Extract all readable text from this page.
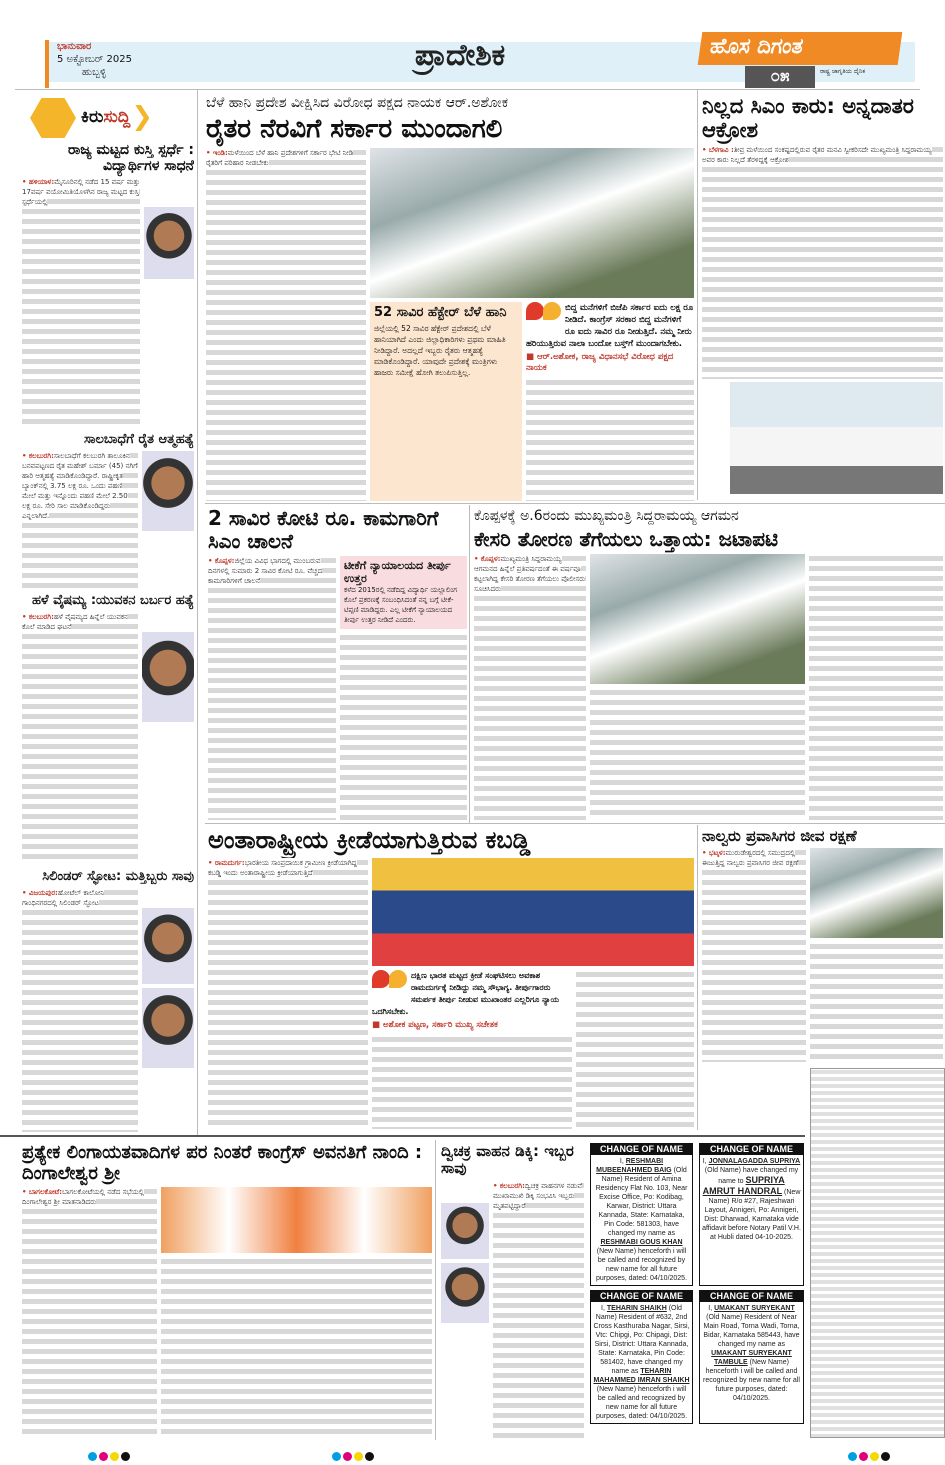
ಭಾನುವಾರ
5 ಅಕ್ಟೋಬರ್ 2025
ಹುಬ್ಬಳ್ಳಿ	ಪ್ರಾದೇಶಿಕ	ಹೊಸ ದಿಗಂತ
೦೫	ರಾಷ್ಟ್ರ ಜಾಗೃತಿಯ ದೈನಿಕ
ಕಿರುಸುದ್ದಿ
ರಾಜ್ಯ ಮಟ್ಟದ ಕುಸ್ತಿ ಸ್ಪರ್ಧೆ : ವಿದ್ಯಾರ್ಥಿಗಳ ಸಾಧನೆ
• ಹಳಿಯಾಳ:ಮೈಸೂರಿನಲ್ಲಿ ನಡೆದ 15 ವರ್ಷ ಮತ್ತು 17ವರ್ಷ ವಯೋಮಿತಿಯೊಳಗಿನ ರಾಜ್ಯ ಮಟ್ಟದ ಕುಸ್ತಿ ಸ್ಪರ್ಧೆಯಲ್ಲಿ
ಸಾಲಬಾಧೆಗೆ ರೈತ ಆತ್ಮಹತ್ಯೆ
• ಕಲಬುರಗಿ:ಸಾಲಬಾಧೆಗೆ ಕಲಬುರಗಿ ತಾಲೂಕಿನ ಬನವಪಟ್ಟಣದ ರೈತ ಮಹೇಶ್ ಬರ್ಮಾ (45) ನಗಿಗೆ ಹಾರಿ ಆತ್ಮಹತ್ಯೆ ಮಾಡಿಕೊಂಡಿದ್ದಾರೆ. ರಾಷ್ಟ್ರೀಕೃತ ಬ್ಯಾಂಕ್‌ನಲ್ಲಿ 3.75 ಲಕ್ಷ ರೂ. ಒಂದು ಪಹಣಿ ಮೇಲೆ ಮತ್ತು ಇನ್ನೊಂದು ಪಹಣಿ ಮೇಲೆ 2.50 ಲಕ್ಷ ರೂ. ಸೇರಿ ಸಾಲ ಮಾಡಿಕೊಂಡಿದ್ದರು ಎನ್ನಲಾಗಿದೆ.
ಹಳೆ ವೈಷಮ್ಯ :ಯುವಕನ ಬರ್ಬರ ಹತ್ಯೆ
• ಕಲಬುರಗಿ:ಹಳೆ ವೈಷಮ್ಯದ ಹಿನ್ನೆಲೆ ಯುವಕನ ಕೊಲೆ ಮಾಡಿದ ಘಟನೆ
ಸಿಲಿಂಡರ್ ಸ್ಫೋಟ: ಮತ್ತಿಬ್ಬರು ಸಾವು
• ವಿಜಯಪುರ:ಹೋಟೆಲ್ ಕಾಲೋನಿ ಗಾಂಧಿನಗರದಲ್ಲಿ ಸಿಲಿಂಡರ್ ಸ್ಫೋಟ
ಬೆಳೆ ಹಾನಿ ಪ್ರದೇಶ ವೀಕ್ಷಿಸಿದ ವಿರೋಧ ಪಕ್ಷದ ನಾಯಕ ಆರ್.ಅಶೋಕ
ರೈತರ ನೆರವಿಗೆ ಸರ್ಕಾರ ಮುಂದಾಗಲಿ
• ಇಂಡಿ:ಮಳೆಯಿಂದ ಬೆಳೆ ಹಾನಿ ಪ್ರದೇಶಗಳಿಗೆ ಸರ್ಕಾರ ಭೇಟಿ ನೀಡಿ ರೈತರಿಗೆ ಪರಿಹಾರ ನೀಡಬೇಕು
52 ಸಾವಿರ ಹೆಕ್ಟೇರ್ ಬೆಳೆ ಹಾನಿ
ಜಿಲ್ಲೆಯಲ್ಲಿ 52 ಸಾವಿರ ಹೆಕ್ಟೇರ್ ಪ್ರದೇಶದಲ್ಲಿ ಬೆಳೆ ಹಾನಿಯಾಗಿದೆ ಎಂದು ಜಿಲ್ಲಾಧಿಕಾರಿಗಳು ಪ್ರಥಮ ಮಾಹಿತಿ ನೀಡಿದ್ದಾರೆ. ಅದಲ್ಲದೆ ಇಬ್ಬರು ರೈತರು ಆತ್ಮಹತ್ಯೆ ಮಾಡಿಕೊಂಡಿದ್ದಾರೆ. ಯಾವುದೇ ಪ್ರದೇಶಕ್ಕೆ ಮಂತ್ರಿಗಳು ಹಾಜರು ಸಮೀಕ್ಷೆ ಹೋಗಿ ತಲುಪಿಸುತ್ತಿಲ್ಲ.
ಬಿದ್ದ ಮನೆಗಳಿಗೆ ಬಿಜೆಪಿ ಸರ್ಕಾರ ಐದು ಲಕ್ಷ ರೂ ನೀಡಿದೆ. ಕಾಂಗ್ರೆಸ್ ಸರಕಾರ ಬಿದ್ದ ಮನೆಗಳಿಗೆ ರೂ ಐದು ಸಾವಿರ ರೂ ನೀಡುತ್ತಿದೆ. ನಮ್ಮ ನೀರು ಹರಿಯುತ್ತಿರುವ ನಾಲಾ ಬಂದೋ ಬಸ್ತ್‌ಗೆ ಮುಂದಾಗಬೇಕು.
■ ಆರ್.ಅಶೋಕ, ರಾಜ್ಯ ವಿಧಾನಸಭೆ ವಿರೋಧ ಪಕ್ಷದ ನಾಯಕ
ನಿಲ್ಲದ ಸಿಎಂ ಕಾರು: ಅನ್ನದಾತರ ಆಕ್ರೋಶ
• ಬೆಳಗಾವಿ :ತೀವ್ರ ಮಳೆಯಿಂದ ಸಂಕಷ್ಟದಲ್ಲಿರುವ ರೈತರ ಮನವಿ ಸ್ವೀಕರಿಸದೇ ಮುಖ್ಯಮಂತ್ರಿ ಸಿದ್ದರಾಮಯ್ಯ ಅವರ ಕಾರು ನಿಲ್ಲದೆ ತೆರಳಿದ್ದಕ್ಕೆ ಆಕ್ರೋಶ
2 ಸಾವಿರ ಕೋಟಿ ರೂ. ಕಾಮಗಾರಿಗೆ ಸಿಎಂ ಚಾಲನೆ
• ಕೊಪ್ಪಳ:ಜಿಲ್ಲೆಯ ವಿವಿಧ ಭಾಗದಲ್ಲಿ ಮುಂಬರುವ ದಿನಗಳಲ್ಲಿ ಸುಮಾರು 2 ಸಾವಿರ ಕೋಟಿ ರೂ. ವೆಚ್ಚದ ಕಾಮಗಾರಿಗಳಿಗೆ ಚಾಲನೆ
ಟೀಕೆಗೆ ನ್ಯಾಯಾಲಯದ ತೀರ್ಪು ಉತ್ತರ
ಕಳೆದ 2015ರಲ್ಲಿ ನಡೆದಿದ್ದ ವಿದ್ಯಾರ್ಥಿ ಯಲ್ಲಾಲಿಂಗ ಕೊಲೆ ಪ್ರಕರಣಕ್ಕೆ ಸಂಬಂಧಿಸಿದಂತೆ ನನ್ನ ಬಗ್ಗೆ ಟೀಕೆ-ಟಿಪ್ಪಣಿ ಮಾಡಿದ್ದರು. ಎಲ್ಲ ಟೀಕೆಗೆ ನ್ಯಾಯಾಲಯದ ತೀರ್ಪು ಉತ್ತರ ನೀಡಿದೆ ಎಂದರು.
ಕೊಪ್ಪಳಕ್ಕೆ ಅ.6ರಂದು ಮುಖ್ಯಮಂತ್ರಿ ಸಿದ್ದರಾಮಯ್ಯ ಆಗಮನ
ಕೇಸರಿ ತೋರಣ ತೆಗೆಯಲು ಒತ್ತಾಯ: ಜಟಾಪಟಿ
• ಕೊಪ್ಪಳ:ಮುಖ್ಯಮಂತ್ರಿ ಸಿದ್ದರಾಮಯ್ಯ ಆಗಮನದ ಹಿನ್ನೆಲೆ ಪ್ರತಿವರ್ಷದಂತೆ ಈ ವರ್ಷವೂ ಕಟ್ಟಲಾಗಿದ್ದ ಕೇಸರಿ ತೋರಣ ತೆಗೆಯಲು ಪೊಲೀಸರು ಸೂಚಿಸಿದರು
ಅಂತಾರಾಷ್ಟ್ರೀಯ ಕ್ರೀಡೆಯಾಗುತ್ತಿರುವ ಕಬಡ್ಡಿ
• ರಾಮದುರ್ಗ:ಭಾರತೀಯ ಸಾಂಪ್ರದಾಯಿಕ ಗ್ರಾಮೀಣ ಕ್ರೀಡೆಯಾಗಿದ್ದ ಕಬಡ್ಡಿ ಇಂದು ಅಂತಾರಾಷ್ಟ್ರೀಯ ಕ್ರೀಡೆಯಾಗುತ್ತಿದೆ
ದಕ್ಷಿಣ ಭಾರತ ಮಟ್ಟದ ಕ್ರೀಡೆ ಸಂಘಟಿಸಲು ಅವಕಾಶ ರಾಮದುರ್ಗಕ್ಕೆ ನೀಡಿದ್ದು ನಮ್ಮ ಸೌಭಾಗ್ಯ. ತೀರ್ಪುಗಾರರು ಸಮರ್ಪಕ ತೀರ್ಪು ನೀಡುವ ಮುಖಾಂತರ ಎಲ್ಲರಿಗೂ ನ್ಯಾಯ ಒದಗಿಸಬೇಕು.
■ ಅಶೋಕ ಪಟ್ಟಣ, ಸರ್ಕಾರಿ ಮುಖ್ಯ ಸಚೇತಕ
ನಾಲ್ವರು ಪ್ರವಾಸಿಗರ ಜೀವ ರಕ್ಷಣೆ
• ಭಟ್ಕಳ:ಮುರುಡೇಶ್ವರದಲ್ಲಿ ಸಮುದ್ರದಲ್ಲಿ ಈಜುತ್ತಿದ್ದ ನಾಲ್ವರು ಪ್ರವಾಸಿಗರ ಜೀವ ರಕ್ಷಣೆ
ಪ್ರತ್ಯೇಕ ಲಿಂಗಾಯತವಾದಿಗಳ ಪರ ನಿಂತರೆ ಕಾಂಗ್ರೆಸ್ ಅವನತಿಗೆ ನಾಂದಿ : ದಿಂಗಾಲೇಶ್ವರ ಶ್ರೀ
• ಬಾಗಲಕೋಟೆ:ಬಾಗಲಕೋಟೆಯಲ್ಲಿ ನಡೆದ ಸಭೆಯಲ್ಲಿ ದಿಂಗಾಲೇಶ್ವರ ಶ್ರೀ ಮಾತನಾಡಿದರು
ದ್ವಿಚಕ್ರ ವಾಹನ ಡಿಕ್ಕಿ: ಇಬ್ಬರ ಸಾವು
• ಕಲಬುರಗಿ:ದ್ವಿಚಕ್ರ ವಾಹನಗಳ ನಡುವೆ ಮುಖಾಮುಖಿ ಡಿಕ್ಕಿ ಸಂಭವಿಸಿ ಇಬ್ಬರು ಮೃತಪಟ್ಟಿದ್ದಾರೆ
CHANGE OF NAME
I, RESHMABI MUBEENAHMED BAIG (Old Name) Resident of Amina Residency Flat No. 103, Near Excise Office, Po: Kodibag, Karwar, District: Uttara Kannada, State: Karnataka, Pin Code: 581303, have changed my name as RESHMABI GOUS KHAN (New Name) henceforth i will be called and recognized by new name for all future purposes, dated: 04/10/2025.
CHANGE OF NAME
I, JONNALAGADDA SUPRIYA (Old Name) have changed my name to SUPRIYA AMRUT HANDRAL (New Name) R/o #27, Rajeshwari Layout, Annigeri, Po: Annigeri, Dist: Dharwad, Karnataka vide affidavit before Notary Patil V.H. at Hubli dated 04-10-2025.
CHANGE OF NAME
I, TEHARIN SHAIKH (Old Name) Resident of #632, 2nd Cross Kasthuraba Nagar, Sirsi, Vtc: Chipgi, Po: Chipagi, Dist: Sirsi, District: Uttara Kannada, State: Karnataka, Pin Code: 581402, have changed my name as TEHARIN MAHAMMED IMRAN SHAIKH (New Name) henceforth i will be called and recognized by new name for all future purposes, dated: 04/10/2025.
CHANGE OF NAME
I, UMAKANT SURYEKANT (Old Name) Resident of Near Main Road, Torna Wadi, Torna, Bidar, Karnataka 585443, have changed my name as UMAKANT SURYEKANT TAMBULE (New Name) henceforth i will be called and recognized by new name for all future purposes, dated: 04/10/2025.
